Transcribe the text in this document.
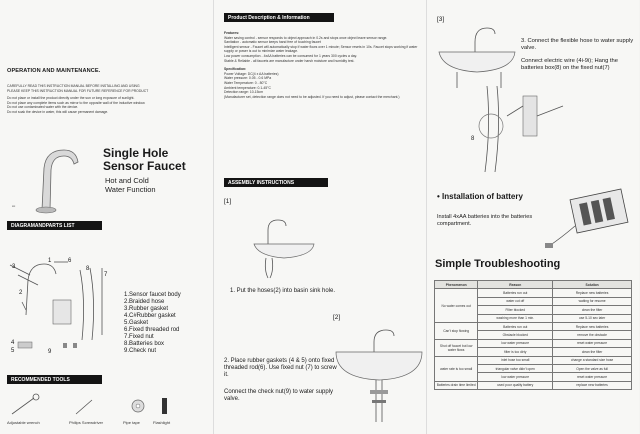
OPERATION AND MAINTENANCE.
CAREFULLY READ THIS INSTRUCTION MANUAL BEFORE INSTALLING AND USING
PLEASE KEEP THIS INSTRUCTION MANUAL FOR FUTURE REFERENCE FOR PRODUCT
Do not place or install the product directly under the sun or long exposure of sunlight.
Do not place any complete items such as mirror to the opposite wall of the inductive window.
Do not use contaminated water with the device.
Do not soak the device in water, this will cause permanent damage.
▪▪▪
Single Hole
Sensor Faucet
Hot and Cold
Water Function
DIAGRAMANDPARTS LIST
3
1	6
8
7
2
4
5	9
1.Sensor faucet body
2.Braided hose
3.Rubber gasket
4.C#Rubber gasket
5.Gasket
6.Fixed threaded rod
7.Fixed nut
8.Batteries box
9.Check nut
RECOMMENDED TOOLS
Adjustable wrench	Philips Screwdriver	Pipe tape	Flashlight
Product Description & Information
Features:
Water saving control - sensor responds to object approach in 0.2s and stops once object leave sensor range.
Sanitation - automatic sensor keeps hand free of touching faucet
Intelligent sensor - Faucet will automatically stop if water flows over 1 minute; Sensor resets in 10s. Faucet stops working if water supply or power is out to minimize water leakage.
Low power consumption - 4xAA batteries can be consumed for 1 years 300 cycles a day.
Stable & Reliable - all faucets are manufacture under harsh moisture and humidity test.
Specification:
Power Voltage: DC(4 x AA batteries)
Water pressure: 0.05 - 0.6 MPa
Water Temperature: 0 - 80°C
Ambient temperature: 0.1-45°C
Detection range: 10-15cm
(Manufacturer set, detection range does not need to be adjusted. If you need to adjust, please contact the merchant.)
ASSEMBLY INSTRUCTIONS
[1]
1. Put the hoses(2) into basin sink hole.
[2]
2. Place rubber gaskets (4 & 5) onto fixed threaded rod(6). Use fixed nut (7) to screw it.
Connect the check nut(9) to water supply valve.
[3]
3. Connect the flexible hose to water supply valve.
Connect electric wire (4i-9i); Hang the batteries box(8) on the fixed nut(7)
8
• Installation of battery
Install 4xAA batteries into the batteries compartment.
Simple Troubleshooting
Phenomenon	Reason	Solution
No water comes out	Batteries run out	Replace new batteries
	water cut off	waiting for resume
	Filter blocked	clean the filter
	washing more than 1 min.	use 5-10 sec later
Can't stop flowing	Batteries run out	Replace new batteries
	Obstacle blocked	remove the obstacle
Shut off faucet but low water flows	low water pressure	reset water pressure
	filter is too dirty	clean the filter
water rate is too small	inlet hose too small	change a standard size hose
	triangular valve didn't open	Open the valve as full
	low water pressure	reset water pressure
Batteries drain time limited	used poor quality battery	replace new batteries
